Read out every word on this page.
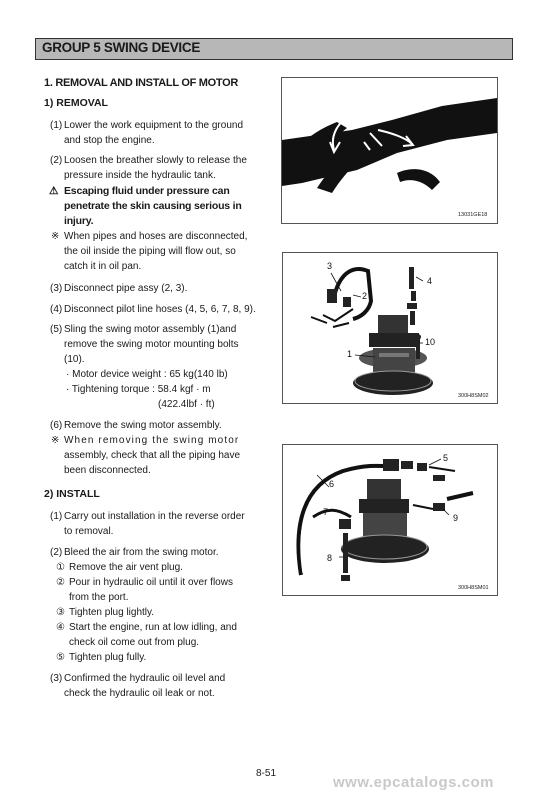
GROUP 5 SWING DEVICE
1. REMOVAL AND INSTALL OF MOTOR
1) REMOVAL
(1) Lower the work equipment to the ground
and stop the engine.
(2) Loosen the breather slowly to release the
pressure inside the hydraulic tank.
⚠ Escaping fluid under pressure can
penetrate the skin causing serious in
injury.
※ When pipes and hoses are disconnected,
the oil inside the piping will flow out, so
catch it in oil pan.
(3) Disconnect pipe assy (2, 3).
(4) Disconnect pilot line hoses (4, 5, 6, 7, 8, 9).
(5) Sling the swing motor assembly (1)and
remove the swing motor mounting bolts
(10).
· Motor device weight : 65 kg(140 lb)
· Tightening torque : 58.4 kgf · m
(422.4lbf · ft)
(6) Remove the swing motor assembly.
※ When removing the swing motor
assembly, check that all the piping have
been disconnected.
2) INSTALL
(1) Carry out installation in the reverse order
to removal.
(2) Bleed the air from the swing motor.
① Remove the air vent plug.
② Pour in hydraulic oil until it over flows
from the port.
③ Tighten plug lightly.
④ Start the engine, run at low idling, and
check oil come out from plug.
⑤ Tighten plug fully.
(3) Confirmed the hydraulic oil level and
check the hydraulic oil leak or not.
13031GE18
3
4
2
10
1
300H8SM02
5
6
7
9
8
300H8SM01
8-51
www.epcatalogs.com
